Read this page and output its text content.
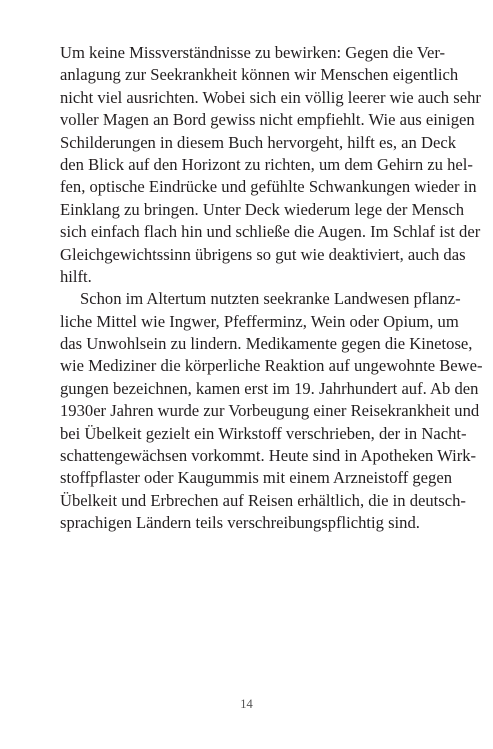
Um keine Missverständnisse zu bewirken: Gegen die Ver-
anlagung zur Seekrankheit können wir Menschen eigentlich
nicht viel ausrichten. Wobei sich ein völlig leerer wie auch sehr
voller Magen an Bord gewiss nicht empfiehlt. Wie aus einigen
Schilderungen in diesem Buch hervorgeht, hilft es, an Deck
den Blick auf den Horizont zu richten, um dem Gehirn zu hel-
fen, optische Eindrücke und gefühlte Schwankungen wieder in
Einklang zu bringen. Unter Deck wiederum lege der Mensch
sich einfach flach hin und schließe die Augen. Im Schlaf ist der
Gleichgewichtssinn übrigens so gut wie deaktiviert, auch das
hilft.
Schon im Altertum nutzten seekranke Landwesen pflanz-
liche Mittel wie Ingwer, Pfefferminz, Wein oder Opium, um
das Unwohlsein zu lindern. Medikamente gegen die Kinetose,
wie Mediziner die körperliche Reaktion auf ungewohnte Bewe-
gungen bezeichnen, kamen erst im 19. Jahrhundert auf. Ab den
1930er Jahren wurde zur Vorbeugung einer Reisekrankheit und
bei Übelkeit gezielt ein Wirkstoff verschrieben, der in Nacht-
schattengewächsen vorkommt. Heute sind in Apotheken Wirk-
stoffpflaster oder Kaugummis mit einem Arzneistoff gegen
Übelkeit und Erbrechen auf Reisen erhältlich, die in deutsch-
sprachigen Ländern teils verschreibungspflichtig sind.
14
